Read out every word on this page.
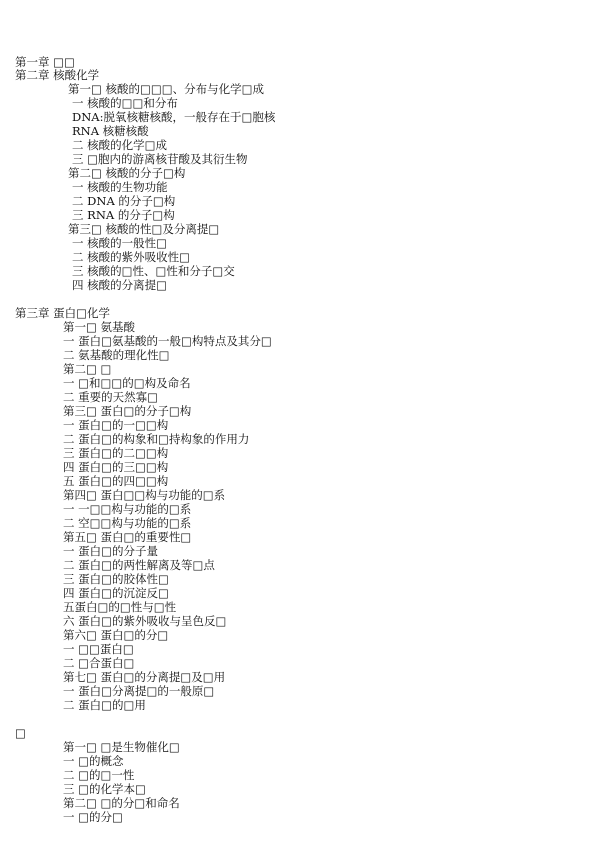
第一章 □□
第二章 核酸化学
第一□ 核酸的□□□、分布与化学□成
一 核酸的□□和分布
DNA:脱氧核糖核酸，一般存在于□胞核
RNA 核糖核酸
二 核酸的化学□成
三 □胞内的游离核苷酸及其衍生物
第二□ 核酸的分子□构
一 核酸的生物功能
二 DNA 的分子□构
三 RNA 的分子□构
第三□ 核酸的性□及分离提□
一 核酸的一般性□
二 核酸的紫外吸收性□
三 核酸的□性、□性和分子□交
四 核酸的分离提□
第三章 蛋白□化学
第一□ 氨基酸
一 蛋白□氨基酸的一般□构特点及其分□
二 氨基酸的理化性□
第二□ □
一 □和□□的□构及命名
二 重要的天然寡□
第三□ 蛋白□的分子□构
一 蛋白□的一□□构
二 蛋白□的构象和□持构象的作用力
三 蛋白□的二□□构
四 蛋白□的三□□构
五 蛋白□的四□□构
第四□ 蛋白□□构与功能的□系
一 一□□构与功能的□系
二 空□□构与功能的□系
第五□ 蛋白□的重要性□
一 蛋白□的分子量
二 蛋白□的两性解离及等□点
三 蛋白□的胶体性□
四 蛋白□的沉淀反□
五蛋白□的□性与□性
六 蛋白□的紫外吸收与呈色反□
第六□ 蛋白□的分□
一 □□蛋白□
二 □合蛋白□
第七□ 蛋白□的分离提□及□用
一 蛋白□分离提□的一般原□
二 蛋白□的□用
□
第一□ □是生物催化□
一 □的概念
二 □的□一性
三 □的化学本□
第二□ □的分□和命名
一 □的分□
